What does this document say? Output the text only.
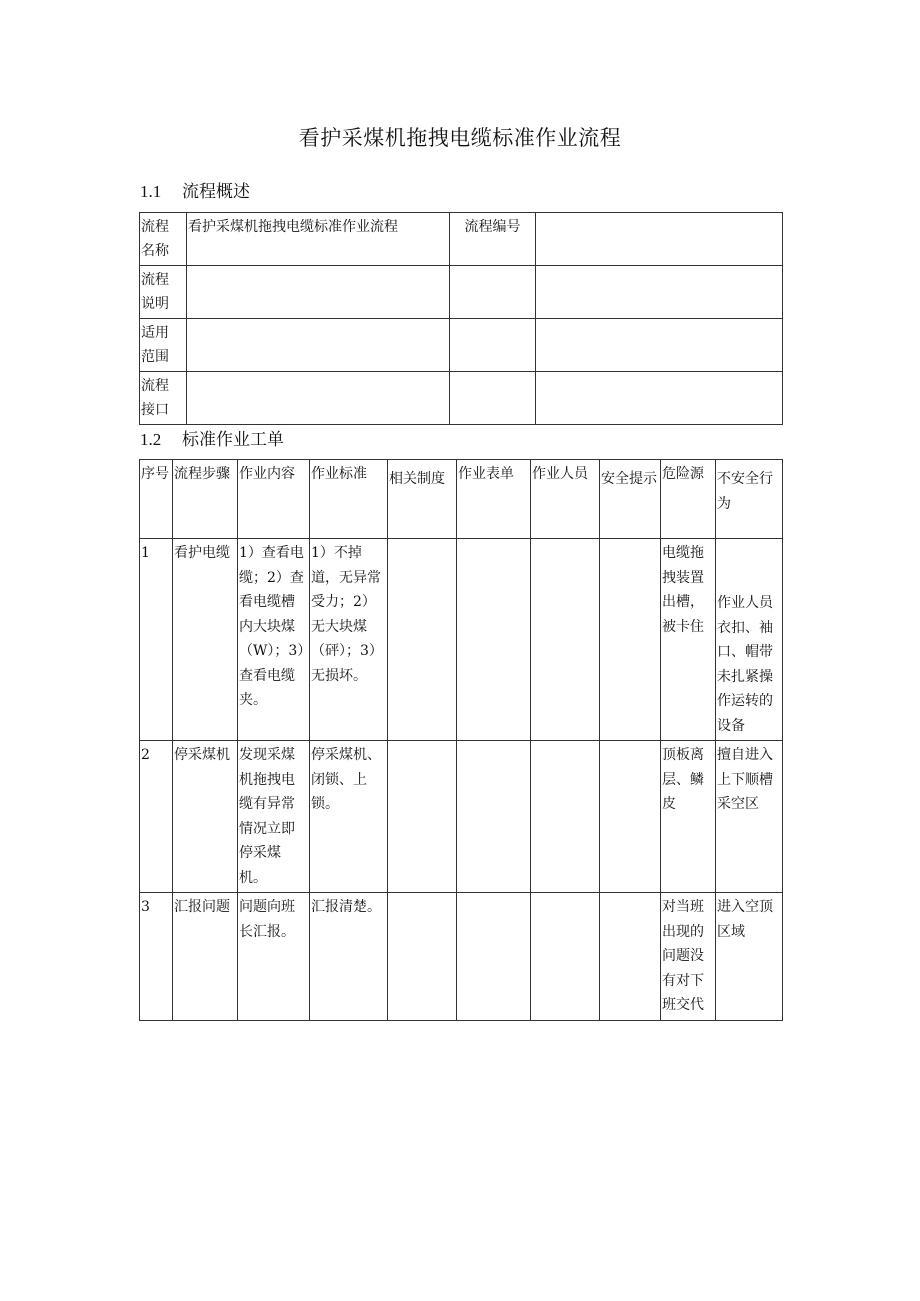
看护采煤机拖拽电缆标准作业流程
1.1 流程概述
流程
名称	看护采煤机拖拽电缆标准作业流程	流程编号	
流程
说明			
适用
范围			
流程
接口			
1.2 标准作业工单
序号	流程步骤	作业内容	作业标准	相关制度	作业表单	作业人员	安全提示	危险源	不安全行为
1	看护电缆	1）查看电缆；2）查看电缆槽内大块煤（W）；3）查看电缆夹。	1）不掉道，无异常受力；2）无大块煤（砰）；3）无损坏。					电缆拖拽装置出槽，被卡住	作业人员衣扣、袖口、帽带未扎紧操作运转的设备
2	停采煤机	发现采煤机拖拽电缆有异常情况立即停采煤机。	停采煤机、闭锁、上锁。					顶板离层、鳞皮	擅自进入上下顺槽采空区
3	汇报问题	问题向班长汇报。	汇报清楚。					对当班出现的问题没有对下班交代	进入空顶区域
